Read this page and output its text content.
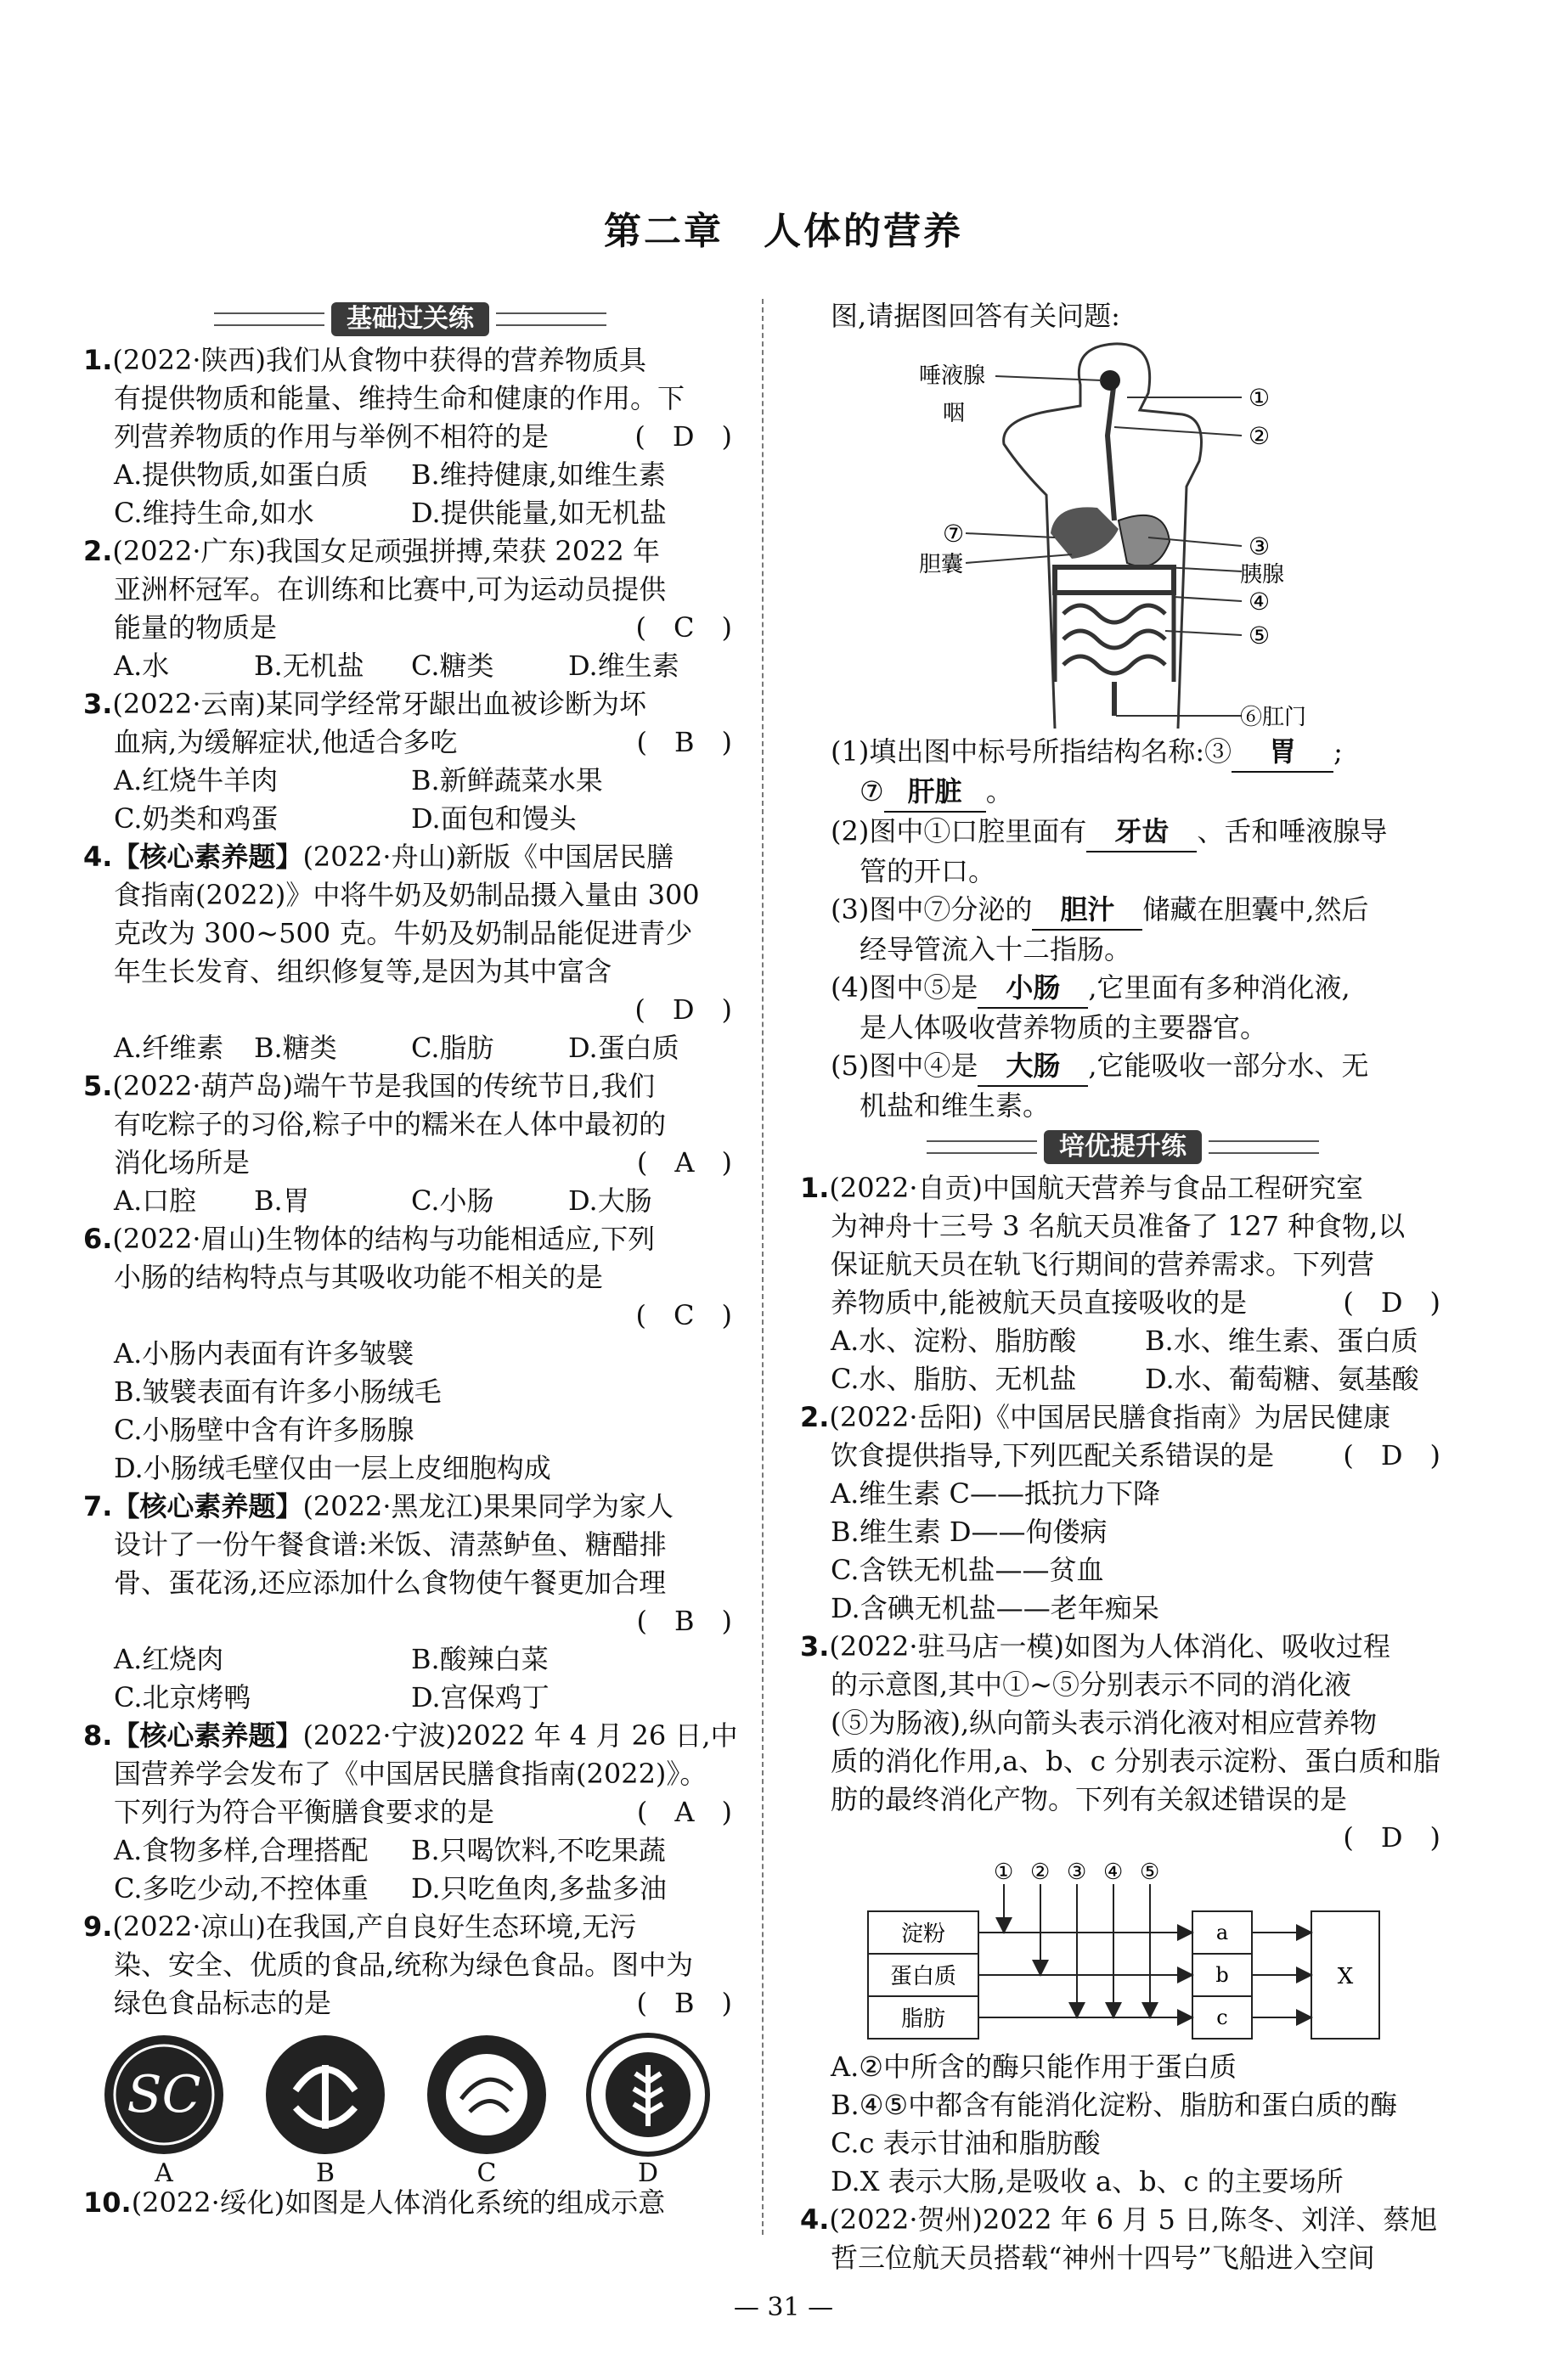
第二章　人体的营养
基础过关练
1.(2022·陕西)我们从食物中获得的营养物质具
有提供物质和能量、维持生命和健康的作用。下
列营养物质的作用与举例不相符的是	(　D　)
A.提供物质,如蛋白质	B.维持健康,如维生素
C.维持生命,如水	D.提供能量,如无机盐
2.(2022·广东)我国女足顽强拼搏,荣获 2022 年
亚洲杯冠军。在训练和比赛中,可为运动员提供
能量的物质是	(　C　)
A.水	B.无机盐	C.糖类	D.维生素
3.(2022·云南)某同学经常牙龈出血被诊断为坏
血病,为缓解症状,他适合多吃	(　B　)
A.红烧牛羊肉	B.新鲜蔬菜水果
C.奶类和鸡蛋	D.面包和馒头
4.【核心素养题】(2022·舟山)新版《中国居民膳
食指南(2022)》中将牛奶及奶制品摄入量由 300
克改为 300~500 克。牛奶及奶制品能促进青少
年生长发育、组织修复等,是因为其中富含
(　D　)

A.纤维素	B.糖类	C.脂肪	D.蛋白质
5.(2022·葫芦岛)端午节是我国的传统节日,我们
有吃粽子的习俗,粽子中的糯米在人体中最初的
消化场所是	(　A　)
A.口腔	B.胃	C.小肠	D.大肠
6.(2022·眉山)生物体的结构与功能相适应,下列
小肠的结构特点与其吸收功能不相关的是
(　C　)

A.小肠内表面有许多皱襞
B.皱襞表面有许多小肠绒毛
C.小肠壁中含有许多肠腺
D.小肠绒毛壁仅由一层上皮细胞构成
7.【核心素养题】(2022·黑龙江)果果同学为家人
设计了一份午餐食谱:米饭、清蒸鲈鱼、糖醋排
骨、蛋花汤,还应添加什么食物使午餐更加合理
(　B　)

A.红烧肉	B.酸辣白菜
C.北京烤鸭	D.宫保鸡丁
8.【核心素养题】(2022·宁波)2022 年 4 月 26 日,中
国营养学会发布了《中国居民膳食指南(2022)》。
下列行为符合平衡膳食要求的是	(　A　)
A.食物多样,合理搭配	B.只喝饮料,不吃果蔬
C.多吃少动,不控体重	D.只吃鱼肉,多盐多油
9.(2022·凉山)在我国,产自良好生态环境,无污
染、安全、优质的食品,统称为绿色食品。图中为
绿色食品标志的是	(　B　)
SC
A	B	C	D
10.(2022·绥化)如图是人体消化系统的组成示意
图,请据图回答有关问题:
唾液腺
咽
①
②
③
胰腺
④
⑤
⑥肛门
⑦
胆囊
(1)填出图中标号所指结构名称:③ 胃 ;
⑦ 肝脏 。
(2)图中①口腔里面有 牙齿 、舌和唾液腺导
管的开口。
(3)图中⑦分泌的 胆汁 储藏在胆囊中,然后
经导管流入十二指肠。
(4)图中⑤是 小肠 ,它里面有多种消化液,
是人体吸收营养物质的主要器官。
(5)图中④是 大肠 ,它能吸收一部分水、无
机盐和维生素。
培优提升练
1.(2022·自贡)中国航天营养与食品工程研究室
为神舟十三号 3 名航天员准备了 127 种食物,以
保证航天员在轨飞行期间的营养需求。下列营
养物质中,能被航天员直接吸收的是	(　D　)
A.水、淀粉、脂肪酸	B.水、维生素、蛋白质
C.水、脂肪、无机盐	D.水、葡萄糖、氨基酸
2.(2022·岳阳)《中国居民膳食指南》为居民健康
饮食提供指导,下列匹配关系错误的是	(　D　)
A.维生素 C——抵抗力下降
B.维生素 D——佝偻病
C.含铁无机盐——贫血
D.含碘无机盐——老年痴呆
3.(2022·驻马店一模)如图为人体消化、吸收过程
的示意图,其中①~⑤分别表示不同的消化液
(⑤为肠液),纵向箭头表示消化液对相应营养物
质的消化作用,a、b、c 分别表示淀粉、蛋白质和脂
肪的最终消化产物。下列有关叙述错误的是
(　D　)

① ② ③ ④ ⑤
淀粉
蛋白质
脂肪
a
b
c
X
A.②中所含的酶只能作用于蛋白质
B.④⑤中都含有能消化淀粉、脂肪和蛋白质的酶
C.c 表示甘油和脂肪酸
D.X 表示大肠,是吸收 a、b、c 的主要场所
4.(2022·贺州)2022 年 6 月 5 日,陈冬、刘洋、蔡旭
哲三位航天员搭载“神州十四号”飞船进入空间
— 31 —
